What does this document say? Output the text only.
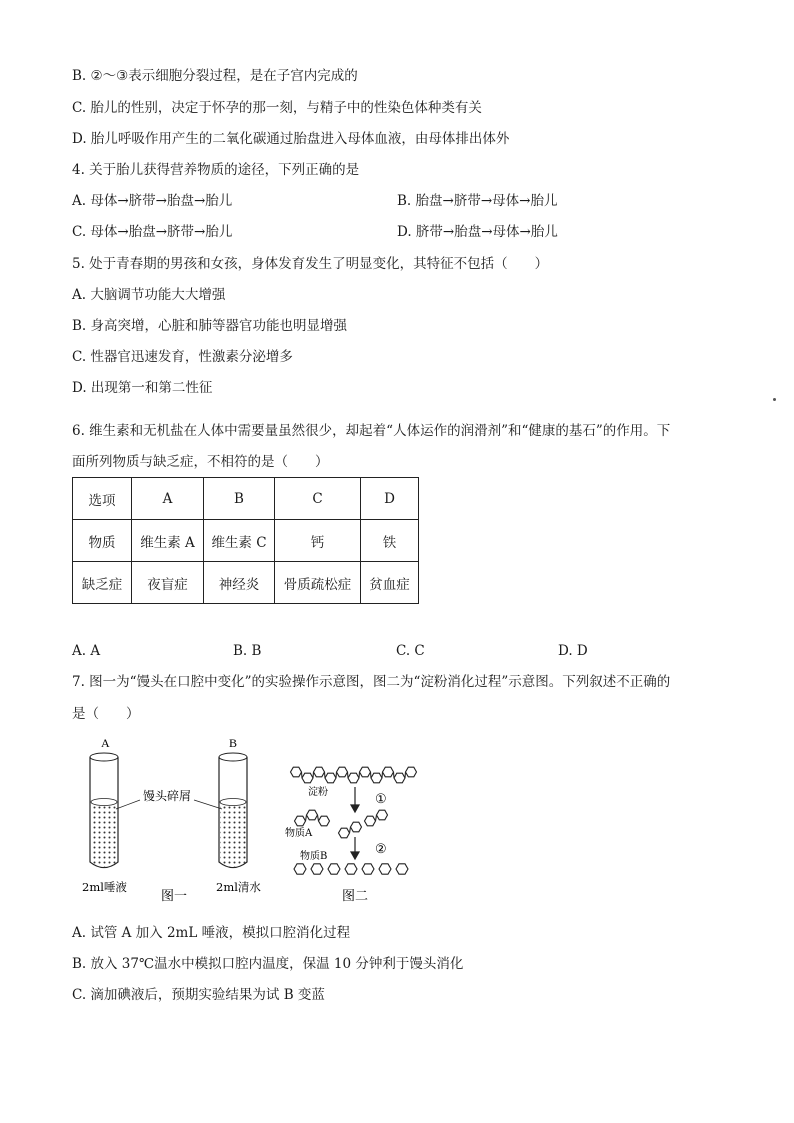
B. ②～③表示细胞分裂过程，是在子宫内完成的
C. 胎儿的性别，决定于怀孕的那一刻，与精子中的性染色体种类有关
D. 胎儿呼吸作用产生的二氧化碳通过胎盘进入母体血液，由母体排出体外
4. 关于胎儿获得营养物质的途径，下列正确的是
A. 母体→脐带→胎盘→胎儿	B. 胎盘→脐带→母体→胎儿
C. 母体→胎盘→脐带→胎儿	D. 脐带→胎盘→母体→胎儿
5. 处于青春期的男孩和女孩，身体发育发生了明显变化，其特征不包括（　　）
A. 大脑调节功能大大增强
B. 身高突增，心脏和肺等器官功能也明显增强
C. 性器官迅速发育，性激素分泌增多
D. 出现第一和第二性征
6. 维生素和无机盐在人体中需要量虽然很少，却起着“人体运作的润滑剂”和“健康的基石”的作用。下
面所列物质与缺乏症，不相符的是（　　）
选项	A	B	C	D
物质	维生素 A	维生素 C	钙	铁
缺乏症	夜盲症	神经炎	骨质疏松症	贫血症
A. A	B. B	C. C	D. D
7. 图一为“馒头在口腔中变化”的实验操作示意图，图二为“淀粉消化过程”示意图。下列叙述不正确的
是（　　）
A	B
馒头碎屑
2ml唾液	2ml清水
图一
淀粉	①
物质A
②
物质B
图二
A. 试管 A 加入 2mL 唾液，模拟口腔消化过程
B. 放入 37℃温水中模拟口腔内温度，保温 10 分钟利于馒头消化
C. 滴加碘液后，预期实验结果为试 B 变蓝
